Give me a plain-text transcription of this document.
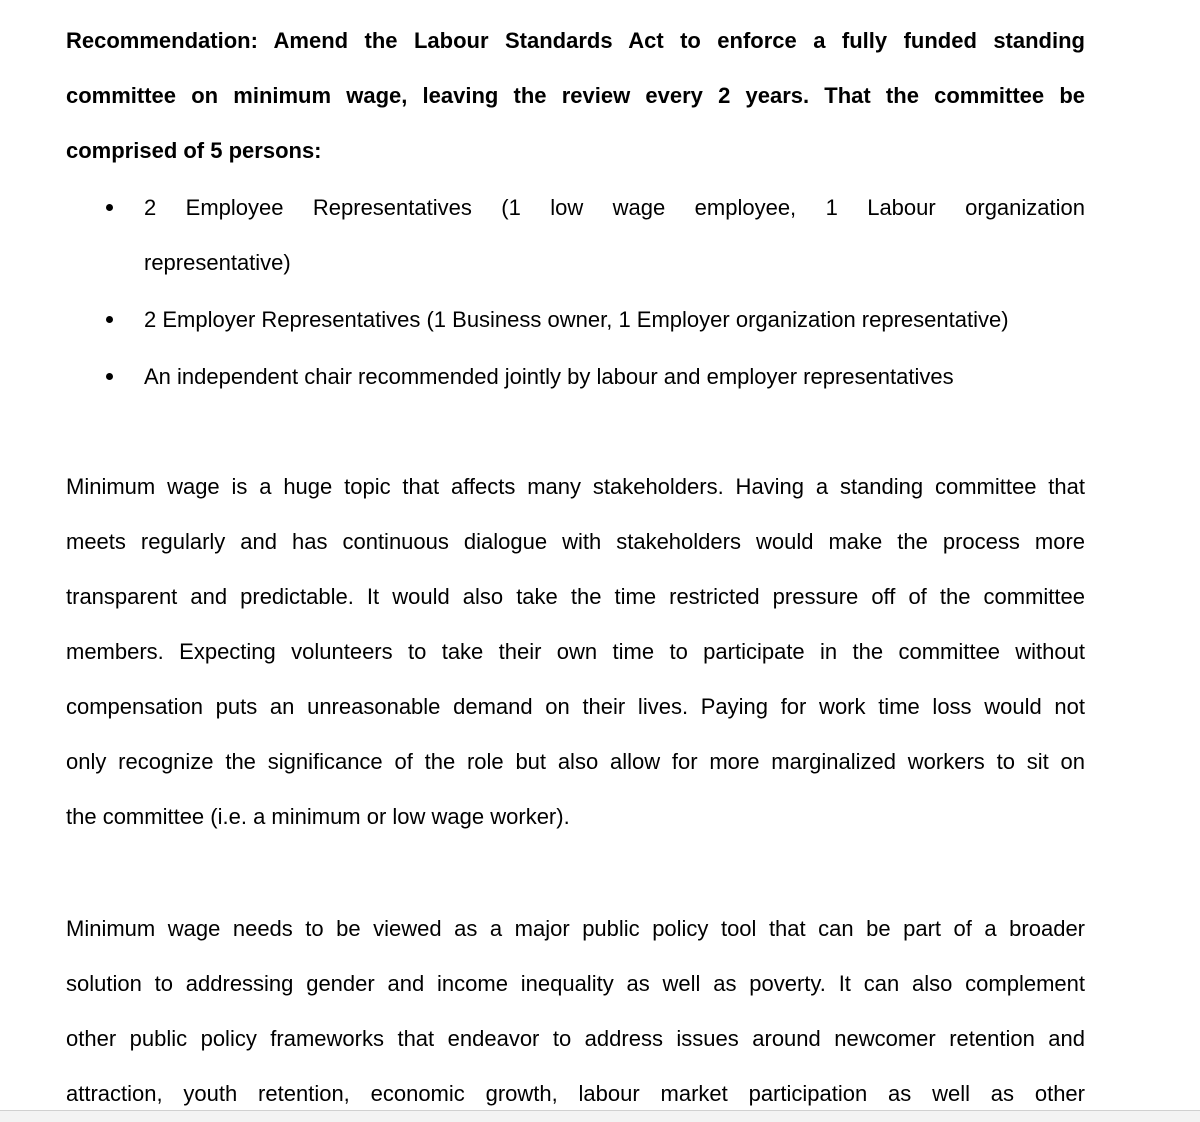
Recommendation: Amend the Labour Standards Act to enforce a fully funded standing
committee on minimum wage, leaving the review every 2 years. That the committee be
comprised of 5 persons:
2 Employee Representatives (1 low wage employee, 1 Labour organization
representative)
2 Employer Representatives (1 Business owner, 1 Employer organization representative)
An independent chair recommended jointly by labour and employer representatives
Minimum wage is a huge topic that affects many stakeholders. Having a standing committee that
meets regularly and has continuous dialogue with stakeholders would make the process more
transparent and predictable. It would also take the time restricted pressure off of the committee
members. Expecting volunteers to take their own time to participate in the committee without
compensation puts an unreasonable demand on their lives. Paying for work time loss would not
only recognize the significance of the role but also allow for more marginalized workers to sit on
the committee (i.e. a minimum or low wage worker).
Minimum wage needs to be viewed as a major public policy tool that can be part of a broader
solution to addressing gender and income inequality as well as poverty. It can also complement
other public policy frameworks that endeavor to address issues around newcomer retention and
attraction, youth retention, economic growth, labour market participation as well as other
